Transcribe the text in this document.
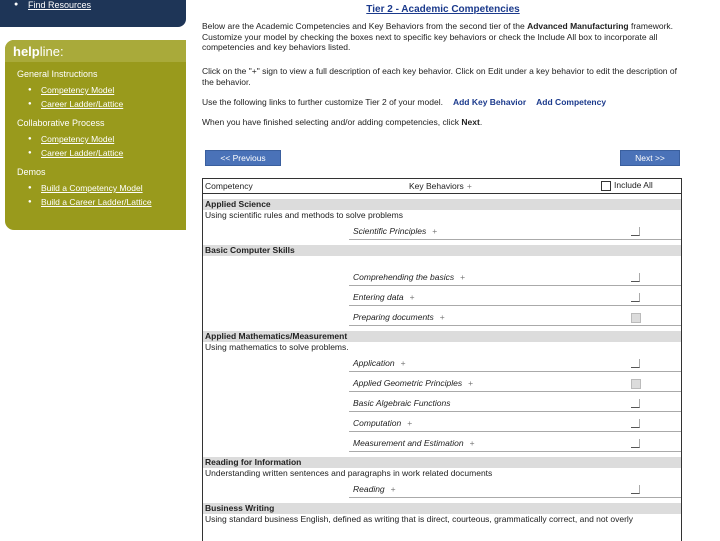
● Find Resources
helpline:
General Instructions
● Competency Model
● Career Ladder/Lattice
Collaborative Process
● Competency Model
● Career Ladder/Lattice
Demos
● Build a Competency Model
● Build a Career Ladder/Lattice
Tier 2 - Academic Competencies

Below are the Academic Competencies and Key Behaviors from the second tier of the Advanced Manufacturing framework. Customize your model by checking the boxes next to specific key behaviors or check the Include All box to incorporate all competencies and key behaviors listed.

Click on the "+" sign to view a full description of each key behavior. Click on Edit under a key behavior to edit the description of the behavior.

Use the following links to further customize Tier 2 of your model. Add Key Behavior Add Competency

When you have finished selecting and/or adding competencies, click Next.

<< Previous	Next >>
Competency	Key Behaviors +	Include All
Applied Science
Using scientific rules and methods to solve problems
Scientific Principles +
Basic Computer Skills
Comprehending the basics +
Entering data +
Preparing documents +
Applied Mathematics/Measurement
Using mathematics to solve problems.
Application +
Applied Geometric Principles +
Basic Algebraic Functions
Computation +
Measurement and Estimation +
Reading for Information
Understanding written sentences and paragraphs in work related documents
Reading +
Business Writing
Using standard business English, defined as writing that is direct, courteous, grammatically correct, and not overly
